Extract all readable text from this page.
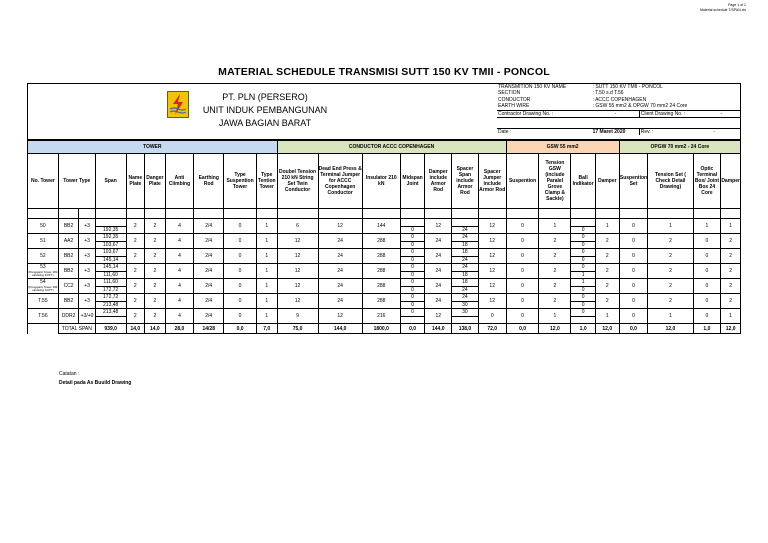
Page 1 of 1
Material schedule T/SPAN.xls
MATERIAL SCHEDULE TRANSMISI SUTT 150 KV TMII - PONCOL
PT. PLN (PERSERO)
UNIT INDUK PEMBANGUNAN
JAWA BAGIAN BARAT
TRANSMITION 150 KV NAME	: SUTT 150 KV TMII - PONCOL		
SECTION	: T.50 s.d T.56		
CONDUCTOR	: ACCC COPENHAGEN		
EARTH WIRE	: GSW 55 mm2 & OPGW 70 mm2 24 Core		
Contractor Drawing No. :	-	Client Drawing No. :	-

Date :	17 Maret 2020	Rev. :	-
TOWER										CONDUCTOR ACCC COPENHAGEN							GSW 55 mm2				OPGW 70 mm2 - 24 Core			
No. Tower	Tower Type		Span	Name Plate	Danger Plate	Anti Climbing	Earthing Rod	Type Suspention Tower	Type Tention Tower	Doubel Tension 210 kN String Set Twin Conductor	Dead End Press & Terminal Jumper for ACCC Copenhagen Conductor	Insulator 210 kN	Midspan Joint	Damper include Armor Rod	Spacer Span include Armor Rod	Spacer Jumper include Armor Rod	Suspention	Tension GSW (include Paralel Grove Clamp & Sackle)	Ball Indikator	Damper	Suspention Set	Tension Set ( Check Detail Drawing)	Optic Terminal Box/ Joint Box 24 Core	Damper

50	BB2	+3		2	2	4	2/4	0	1	6	12	144		12		12	0	1		1	0	1	1	1
			192,35										0		24				0					

51	AA2	+3	192,35	2	2	4	2/4	0	1	12	24	288	0	24	24	12	0	2	0	2	0	2	0	2
			103,67										0		18				0					

52	BB2	+3	103,67	2	2	4	2/4	0	1	12	24	288	0	24	18	12	0	2	0	2	0	2	0	2
			145,14										0		24				0					

53
(Pengganti Tower 183 eksisting SUTT)	BB2	+3	145,14	2	2	4	2/4	0	1	12	24	288	0	24	24	12	0	2	0	2	0	2	0	2
			111,60										0		18				1					

54
(Pengganti Tower 184 eksisting SUTT)	CC2	+3	111,60	2	2	4	2/4	0	1	12	24	288	0	24	18	12	0	2	1	2	0	2	0	2
			172,72										0		24				0					

T.55	BB2	+3	172,72	2	2	4	2/4	0	1	12	24	288	0	24	24	12	0	2	0	2	0	2	0	2
			213,48										0		30				0					

T.56	DDR2	+3/+0	213,48	2	2	4	2/4	0	1	9	12	216	0	12	30	0	0	1	0	1	0	1	0	1

	TOTAL SPAN		939,0	14,0	14,0	28,0	14/28	0,0	7,0	75,0	144,0	1800,0	0,0	144,0	138,0	72,0	0,0	12,0	1,0	12,0	0,0	12,0	1,0	12,0
Catatan :
Detail pada As Buuild Drawing
